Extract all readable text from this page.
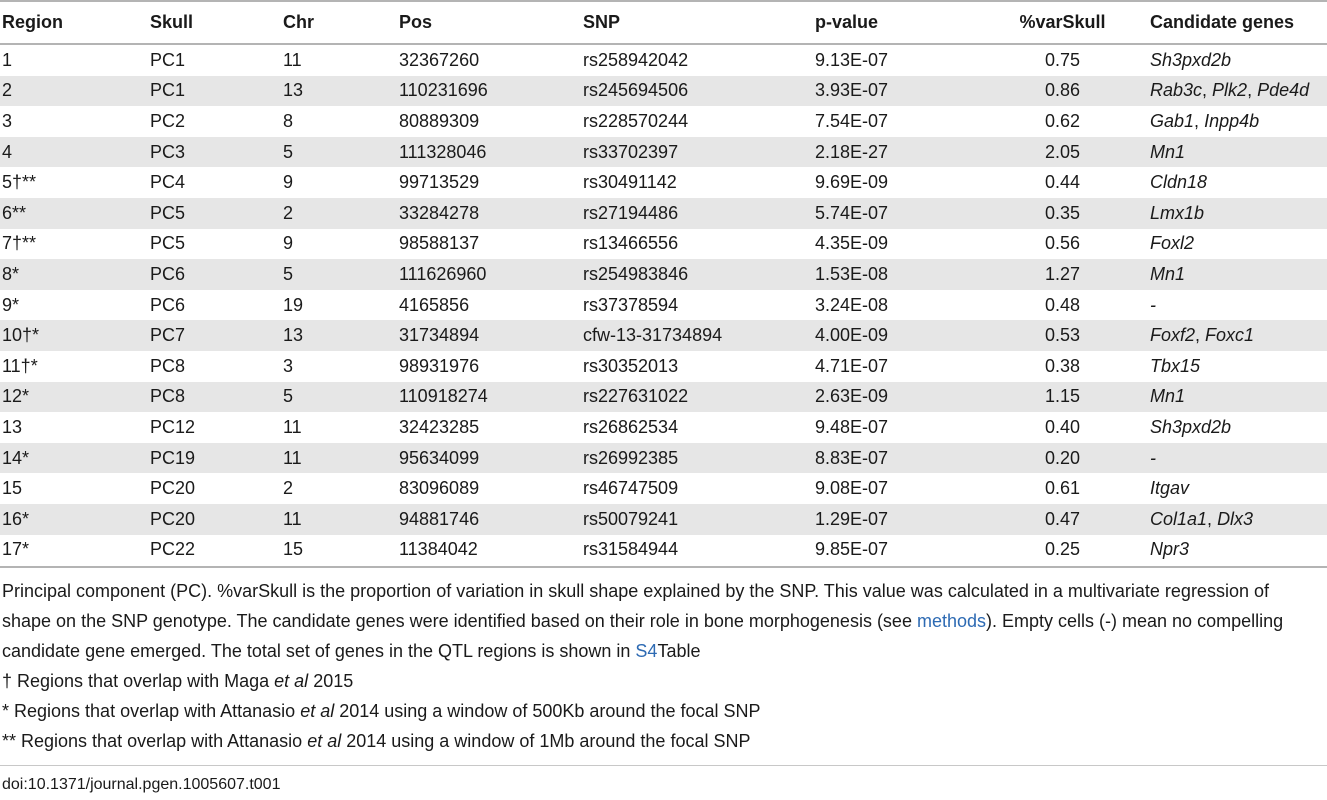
Region	Skull	Chr	Pos	SNP	p-value	%varSkull	Candidate genes
1	PC1	11	32367260	rs258942042	9.13E-07	0.75	Sh3pxd2b
2	PC1	13	110231696	rs245694506	3.93E-07	0.86	Rab3c, Plk2, Pde4d
3	PC2	8	80889309	rs228570244	7.54E-07	0.62	Gab1, Inpp4b
4	PC3	5	111328046	rs33702397	2.18E-27	2.05	Mn1
5†**	PC4	9	99713529	rs30491142	9.69E-09	0.44	Cldn18
6**	PC5	2	33284278	rs27194486	5.74E-07	0.35	Lmx1b
7†**	PC5	9	98588137	rs13466556	4.35E-09	0.56	Foxl2
8*	PC6	5	111626960	rs254983846	1.53E-08	1.27	Mn1
9*	PC6	19	4165856	rs37378594	3.24E-08	0.48	-
10†*	PC7	13	31734894	cfw-13-31734894	4.00E-09	0.53	Foxf2, Foxc1
11†*	PC8	3	98931976	rs30352013	4.71E-07	0.38	Tbx15
12*	PC8	5	110918274	rs227631022	2.63E-09	1.15	Mn1
13	PC12	11	32423285	rs26862534	9.48E-07	0.40	Sh3pxd2b
14*	PC19	11	95634099	rs26992385	8.83E-07	0.20	-
15	PC20	2	83096089	rs46747509	9.08E-07	0.61	Itgav
16*	PC20	11	94881746	rs50079241	1.29E-07	0.47	Col1a1, Dlx3
17*	PC22	15	11384042	rs31584944	9.85E-07	0.25	Npr3

Principal component (PC). %varSkull is the proportion of variation in skull shape explained by the SNP. This value was calculated in a multivariate regression of shape on the SNP genotype. The candidate genes were identified based on their role in bone morphogenesis (see methods). Empty cells (-) mean no compelling candidate gene emerged. The total set of genes in the QTL regions is shown in S4Table

† Regions that overlap with Maga et al 2015

* Regions that overlap with Attanasio et al 2014 using a window of 500Kb around the focal SNP

** Regions that overlap with Attanasio et al 2014 using a window of 1Mb around the focal SNP

doi:10.1371/journal.pgen.1005607.t001
